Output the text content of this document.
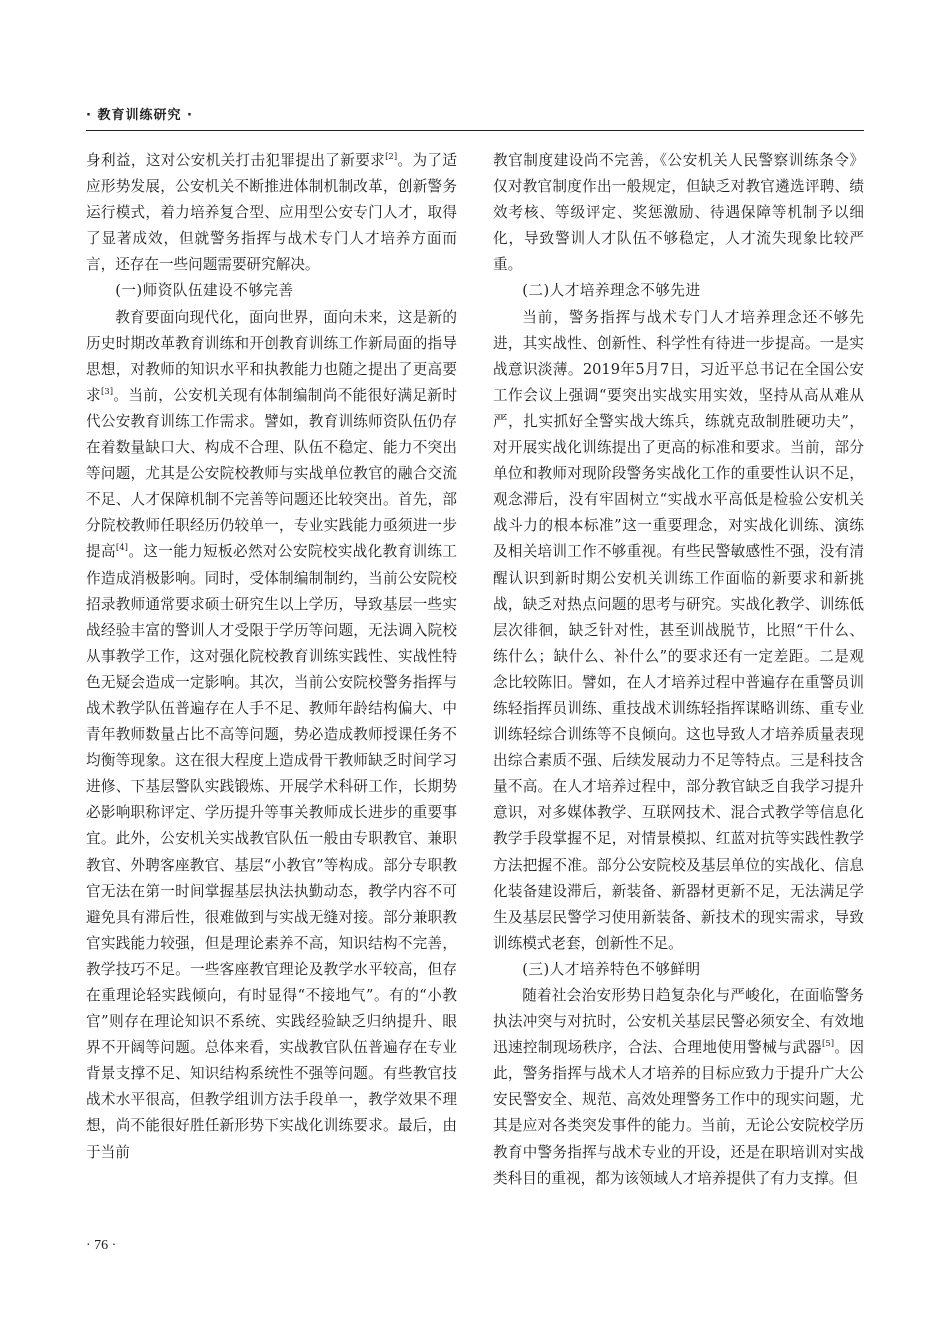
· 教育训练研究 ·

身利益，这对公安机关打击犯罪提出了新要求[2]。为了适应形势发展，公安机关不断推进体制机制改革，创新警务运行模式，着力培养复合型、应用型公安专门人才，取得了显著成效，但就警务指挥与战术专门人才培养方面而言，还存在一些问题需要研究解决。

(一)师资队伍建设不够完善

教育要面向现代化，面向世界，面向未来，这是新的历史时期改革教育训练和开创教育训练工作新局面的指导思想，对教师的知识水平和执教能力也随之提出了更高要求[3]。当前，公安机关现有体制编制尚不能很好满足新时代公安教育训练工作需求。譬如，教育训练师资队伍仍存在着数量缺口大、构成不合理、队伍不稳定、能力不突出等问题，尤其是公安院校教师与实战单位教官的融合交流不足、人才保障机制不完善等问题还比较突出。首先，部分院校教师任职经历仍较单一，专业实践能力亟须进一步提高[4]。这一能力短板必然对公安院校实战化教育训练工作造成消极影响。同时，受体制编制制约，当前公安院校招录教师通常要求硕士研究生以上学历，导致基层一些实战经验丰富的警训人才受限于学历等问题，无法调入院校从事教学工作，这对强化院校教育训练实践性、实战性特色无疑会造成一定影响。其次，当前公安院校警务指挥与战术教学队伍普遍存在人手不足、教师年龄结构偏大、中青年教师数量占比不高等问题，势必造成教师授课任务不均衡等现象。这在很大程度上造成骨干教师缺乏时间学习进修、下基层警队实践锻炼、开展学术科研工作，长期势必影响职称评定、学历提升等事关教师成长进步的重要事宜。此外，公安机关实战教官队伍一般由专职教官、兼职教官、外聘客座教官、基层“小教官”等构成。部分专职教官无法在第一时间掌握基层执法执勤动态，教学内容不可避免具有滞后性，很难做到与实战无缝对接。部分兼职教官实践能力较强，但是理论素养不高，知识结构不完善，教学技巧不足。一些客座教官理论及教学水平较高，但存在重理论轻实践倾向，有时显得“不接地气”。有的“小教官”则存在理论知识不系统、实践经验缺乏归纳提升、眼界不开阔等问题。总体来看，实战教官队伍普遍存在专业背景支撑不足、知识结构系统性不强等问题。有些教官技战术水平很高，但教学组训方法手段单一，教学效果不理想，尚不能很好胜任新形势下实战化训练要求。最后，由于当前

教官制度建设尚不完善，《公安机关人民警察训练条令》仅对教官制度作出一般规定，但缺乏对教官遴选评聘、绩效考核、等级评定、奖惩激励、待遇保障等机制予以细化，导致警训人才队伍不够稳定，人才流失现象比较严重。

(二)人才培养理念不够先进

当前，警务指挥与战术专门人才培养理念还不够先进，其实战性、创新性、科学性有待进一步提高。一是实战意识淡薄。2019年5月7日，习近平总书记在全国公安工作会议上强调“要突出实战实用实效，坚持从高从难从严，扎实抓好全警实战大练兵，练就克敌制胜硬功夫”，对开展实战化训练提出了更高的标准和要求。当前，部分单位和教师对现阶段警务实战化工作的重要性认识不足，观念滞后，没有牢固树立“实战水平高低是检验公安机关战斗力的根本标准”这一重要理念，对实战化训练、演练及相关培训工作不够重视。有些民警敏感性不强，没有清醒认识到新时期公安机关训练工作面临的新要求和新挑战，缺乏对热点问题的思考与研究。实战化教学、训练低层次徘徊，缺乏针对性，甚至训战脱节，比照“干什么、练什么；缺什么、补什么”的要求还有一定差距。二是观念比较陈旧。譬如，在人才培养过程中普遍存在重警员训练轻指挥员训练、重技战术训练轻指挥谋略训练、重专业训练轻综合训练等不良倾向。这也导致人才培养质量表现出综合素质不强、后续发展动力不足等特点。三是科技含量不高。在人才培养过程中，部分教官缺乏自我学习提升意识，对多媒体教学、互联网技术、混合式教学等信息化教学手段掌握不足，对情景模拟、红蓝对抗等实践性教学方法把握不准。部分公安院校及基层单位的实战化、信息化装备建设滞后，新装备、新器材更新不足，无法满足学生及基层民警学习使用新装备、新技术的现实需求，导致训练模式老套，创新性不足。

(三)人才培养特色不够鲜明

随着社会治安形势日趋复杂化与严峻化，在面临警务执法冲突与对抗时，公安机关基层民警必须安全、有效地迅速控制现场秩序，合法、合理地使用警械与武器[5]。因此，警务指挥与战术人才培养的目标应致力于提升广大公安民警安全、规范、高效处理警务工作中的现实问题，尤其是应对各类突发事件的能力。当前，无论公安院校学历教育中警务指挥与战术专业的开设，还是在职培训对实战类科目的重视，都为该领域人才培养提供了有力支撑。但

· 76 ·
